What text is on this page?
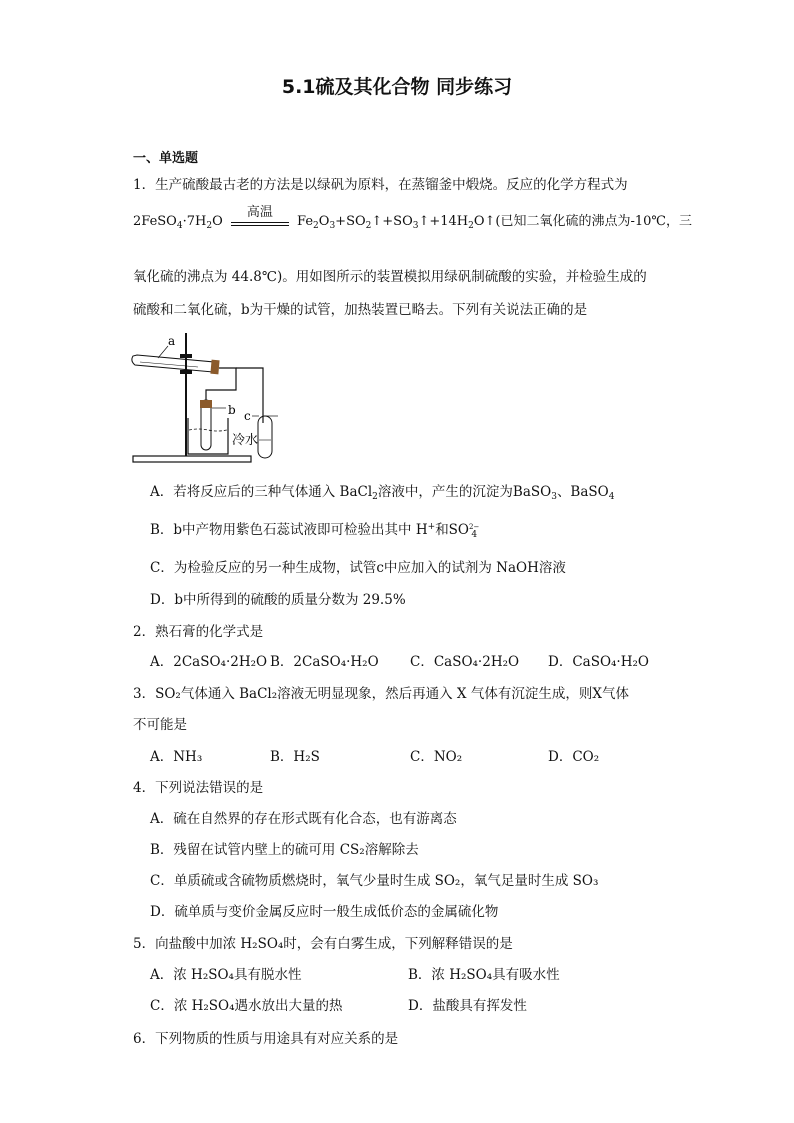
5.1硫及其化合物 同步练习
一、单选题
1．生产硫酸最古老的方法是以绿矾为原料，在蒸镏釜中煅烧。反应的化学方程式为
$2FeSO_4\cdot 7H_2O$
高温
$Fe_2O_3+SO_2↑+SO_3↑+14H_2O↑$(已知二氧化硫的沸点为-10℃，三
氧化硫的沸点为 44.8℃)。用如图所示的装置模拟用绿矾制硫酸的实验，并检验生成的
硫酸和二氧化硫，b为干燥的试管，加热装置已略去。下列有关说法正确的是
a
b c
冷水
A．若将反应后的三种气体通入 BaCl$_2$溶液中，产生的沉淀为BaSO$_3$、BaSO$_4$
B．b中产物用紫色石蕊试液即可检验出其中 H+和$SO^{2-}_4$
C．为检验反应的另一种生成物，试管c中应加入的试剂为 NaOH溶液
D．b中所得到的硫酸的质量分数为 29.5%
2．熟石膏的化学式是
A．2CaSO₄·2H₂O B．2CaSO₄·H₂O C．CaSO₄·2H₂O D．CaSO₄·H₂O
3．SO₂气体通入 BaCl₂溶液无明显现象，然后再通入 X 气体有沉淀生成，则X气体
不可能是
A．NH₃	B．H₂S	C．NO₂	D．CO₂
4．下列说法错误的是
A．硫在自然界的存在形式既有化合态，也有游离态
B．残留在试管内壁上的硫可用 CS₂溶解除去
C．单质硫或含硫物质燃烧时，氧气少量时生成 SO₂，氧气足量时生成 SO₃
D．硫单质与变价金属反应时一般生成低价态的金属硫化物
5．向盐酸中加浓 H₂SO₄时，会有白雾生成，下列解释错误的是
A．浓 H₂SO₄具有脱水性	B．浓 H₂SO₄具有吸水性
C．浓 H₂SO₄遇水放出大量的热	D．盐酸具有挥发性
6．下列物质的性质与用途具有对应关系的是
